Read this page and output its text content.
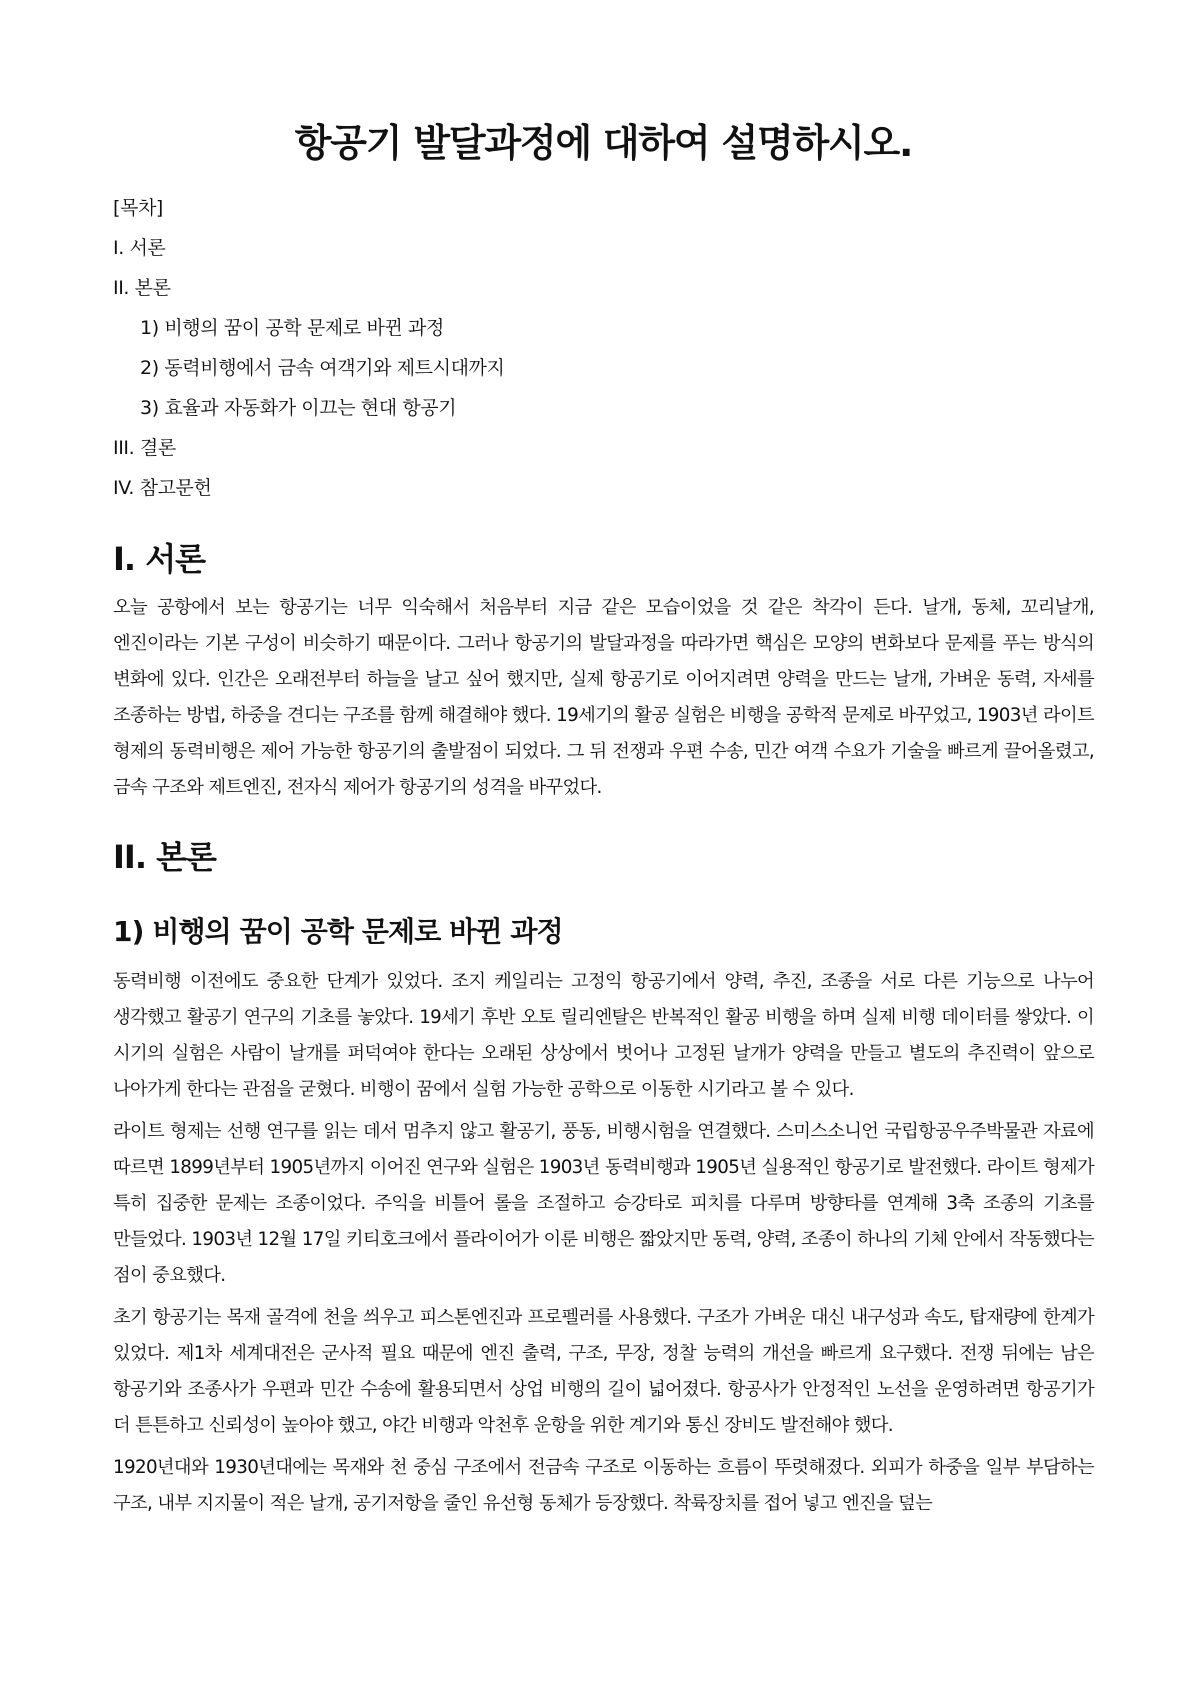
항공기 발달과정에 대하여 설명하시오.
[목차]
I. 서론
II. 본론
1) 비행의 꿈이 공학 문제로 바뀐 과정
2) 동력비행에서 금속 여객기와 제트시대까지
3) 효율과 자동화가 이끄는 현대 항공기
III. 결론
IV. 참고문헌
I. 서론

오늘 공항에서 보는 항공기는 너무 익숙해서 처음부터 지금 같은 모습이었을 것 같은 착각이 든다. 날개, 동체, 꼬리날개, 엔진이라는 기본 구성이 비슷하기 때문이다. 그러나 항공기의 발달과정을 따라가면 핵심은 모양의 변화보다 문제를 푸는 방식의 변화에 있다. 인간은 오래전부터 하늘을 날고 싶어 했지만, 실제 항공기로 이어지려면 양력을 만드는 날개, 가벼운 동력, 자세를 조종하는 방법, 하중을 견디는 구조를 함께 해결해야 했다. 19세기의 활공 실험은 비행을 공학적 문제로 바꾸었고, 1903년 라이트 형제의 동력비행은 제어 가능한 항공기의 출발점이 되었다. 그 뒤 전쟁과 우편 수송, 민간 여객 수요가 기술을 빠르게 끌어올렸고, 금속 구조와 제트엔진, 전자식 제어가 항공기의 성격을 바꾸었다.

II. 본론
1) 비행의 꿈이 공학 문제로 바뀐 과정

동력비행 이전에도 중요한 단계가 있었다. 조지 케일리는 고정익 항공기에서 양력, 추진, 조종을 서로 다른 기능으로 나누어 생각했고 활공기 연구의 기초를 놓았다. 19세기 후반 오토 릴리엔탈은 반복적인 활공 비행을 하며 실제 비행 데이터를 쌓았다. 이 시기의 실험은 사람이 날개를 퍼덕여야 한다는 오래된 상상에서 벗어나 고정된 날개가 양력을 만들고 별도의 추진력이 앞으로 나아가게 한다는 관점을 굳혔다. 비행이 꿈에서 실험 가능한 공학으로 이동한 시기라고 볼 수 있다.

라이트 형제는 선행 연구를 읽는 데서 멈추지 않고 활공기, 풍동, 비행시험을 연결했다. 스미스소니언 국립항공우주박물관 자료에 따르면 1899년부터 1905년까지 이어진 연구와 실험은 1903년 동력비행과 1905년 실용적인 항공기로 발전했다. 라이트 형제가 특히 집중한 문제는 조종이었다. 주익을 비틀어 롤을 조절하고 승강타로 피치를 다루며 방향타를 연계해 3축 조종의 기초를 만들었다. 1903년 12월 17일 키티호크에서 플라이어가 이룬 비행은 짧았지만 동력, 양력, 조종이 하나의 기체 안에서 작동했다는 점이 중요했다.

초기 항공기는 목재 골격에 천을 씌우고 피스톤엔진과 프로펠러를 사용했다. 구조가 가벼운 대신 내구성과 속도, 탑재량에 한계가 있었다. 제1차 세계대전은 군사적 필요 때문에 엔진 출력, 구조, 무장, 정찰 능력의 개선을 빠르게 요구했다. 전쟁 뒤에는 남은 항공기와 조종사가 우편과 민간 수송에 활용되면서 상업 비행의 길이 넓어졌다. 항공사가 안정적인 노선을 운영하려면 항공기가 더 튼튼하고 신뢰성이 높아야 했고, 야간 비행과 악천후 운항을 위한 계기와 통신 장비도 발전해야 했다.

1920년대와 1930년대에는 목재와 천 중심 구조에서 전금속 구조로 이동하는 흐름이 뚜렷해졌다. 외피가 하중을 일부 부담하는 구조, 내부 지지물이 적은 날개, 공기저항을 줄인 유선형 동체가 등장했다. 착륙장치를 접어 넣고 엔진을 덮는
